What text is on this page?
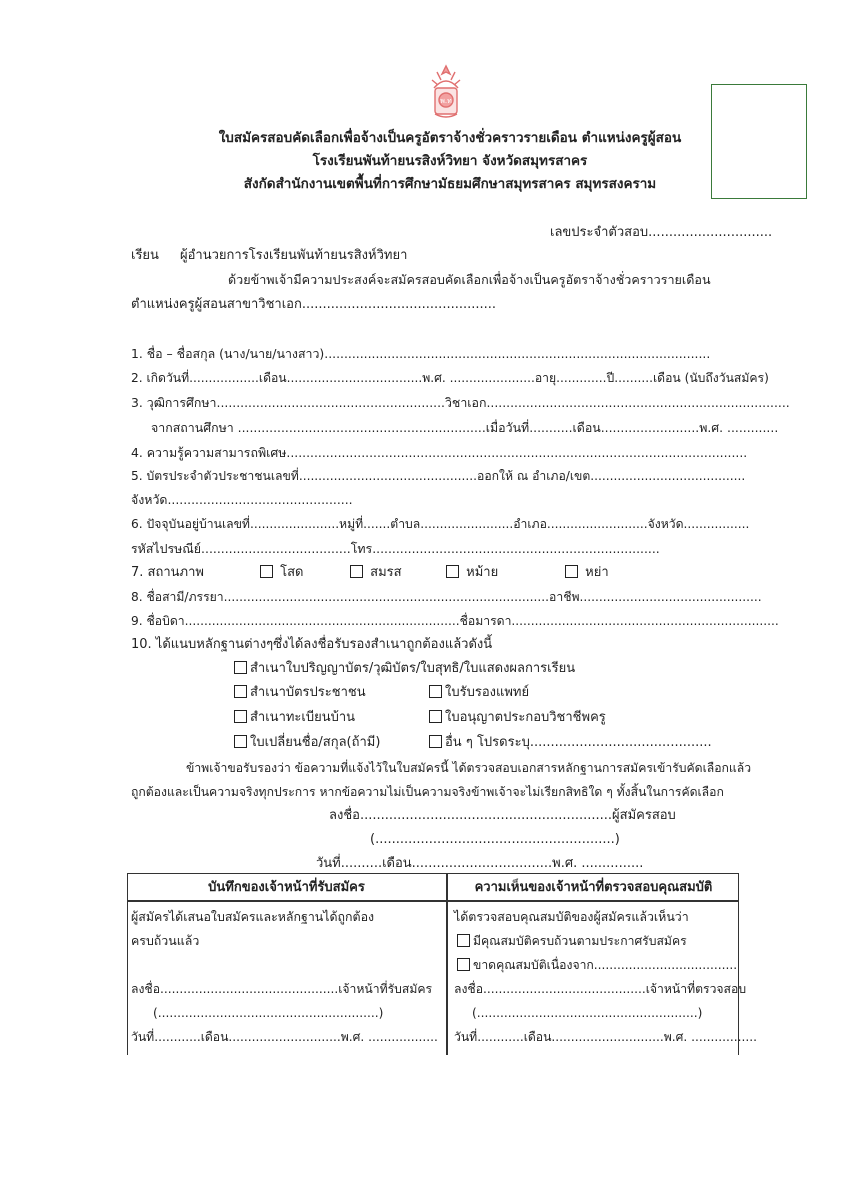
พ.ท
ใบสมัครสอบคัดเลือกเพื่อจ้างเป็นครูอัตราจ้างชั่วคราวรายเดือน ตำแหน่งครูผู้สอน
โรงเรียนพันท้ายนรสิงห์วิทยา จังหวัดสมุทรสาคร
สังกัดสำนักงานเขตพื้นที่การศึกษามัธยมศึกษาสมุทรสาคร สมุทรสงคราม
เลขประจำตัวสอบ..............................
เรียน ผู้อำนวยการโรงเรียนพันท้ายนรสิงห์วิทยา
ด้วยข้าพเจ้ามีความประสงค์จะสมัครสอบคัดเลือกเพื่อจ้างเป็นครูอัตราจ้างชั่วคราวรายเดือน
ตำแหน่งครูผู้สอนสาขาวิชาเอก...............................................
1. ชื่อ – ชื่อสกุล (นาง/นาย/นางสาว)..................................................................................................
2. เกิดวันที่..................เดือน...................................พ.ศ. ......................อายุ.............ปี..........เดือน (นับถึงวันสมัคร)
3. วุฒิการศึกษา..........................................................วิชาเอก.............................................................................
จากสถานศึกษา ...............................................................เมื่อวันที่...........เดือน.........................พ.ศ. .............
4. ความรู้ความสามารถพิเศษ.....................................................................................................................
5. บัตรประจำตัวประชาชนเลขที่..............................................ออกให้ ณ อำเภอ/เขต........................................
จังหวัด...............................................
6. ปัจจุบันอยู่บ้านเลขที่.......................หมู่ที่.......ตำบล........................อำเภอ..........................จังหวัด.................
รหัสไปรษณีย์......................................โทร.........................................................................
7. สถานภาพ	โสด	สมรส	หม้าย	หย่า
8. ชื่อสามี/ภรรยา....................................................................................อาชีพ...............................................
9. ชื่อบิดา.......................................................................ชื่อมารดา.....................................................................
10. ได้แนบหลักฐานต่างๆซึ่งได้ลงชื่อรับรองสำเนาถูกต้องแล้วดังนี้
สำเนาใบปริญญาบัตร/วุฒิบัตร/ใบสุทธิ/ใบแสดงผลการเรียน
สำเนาบัตรประชาชน	ใบรับรองแพทย์
สำเนาทะเบียนบ้าน	ใบอนุญาตประกอบวิชาชีพครู
ใบเปลี่ยนชื่อ/สกุล(ถ้ามี)	อื่น ๆ โปรดระบุ............................................
ข้าพเจ้าขอรับรองว่า ข้อความที่แจ้งไว้ในใบสมัครนี้ ได้ตรวจสอบเอกสารหลักฐานการสมัครเข้ารับคัดเลือกแล้ว
ถูกต้องและเป็นความจริงทุกประการ หากข้อความไม่เป็นความจริงข้าพเจ้าจะไม่เรียกสิทธิใด ๆ ทั้งสิ้นในการคัดเลือก
ลงชื่อ.............................................................ผู้สมัครสอบ
(..........................................................)
วันที่..........เดือน..................................พ.ศ. ...............
บันทึกของเจ้าหน้าที่รับสมัคร	ความเห็นของเจ้าหน้าที่ตรวจสอบคุณสมบัติ
ผู้สมัครได้เสนอใบสมัครและหลักฐานได้ถูกต้อง
ครบถ้วนแล้ว
ลงชื่อ..............................................เจ้าหน้าที่รับสมัคร
(.........................................................)
วันที่............เดือน.............................พ.ศ. ..................
ได้ตรวจสอบคุณสมบัติของผู้สมัครแล้วเห็นว่า
มีคุณสมบัติครบถ้วนตามประกาศรับสมัคร
ขาดคุณสมบัติเนื่องจาก.....................................
ลงชื่อ..........................................เจ้าหน้าที่ตรวจสอบ
(.........................................................)
วันที่............เดือน.............................พ.ศ. .................
